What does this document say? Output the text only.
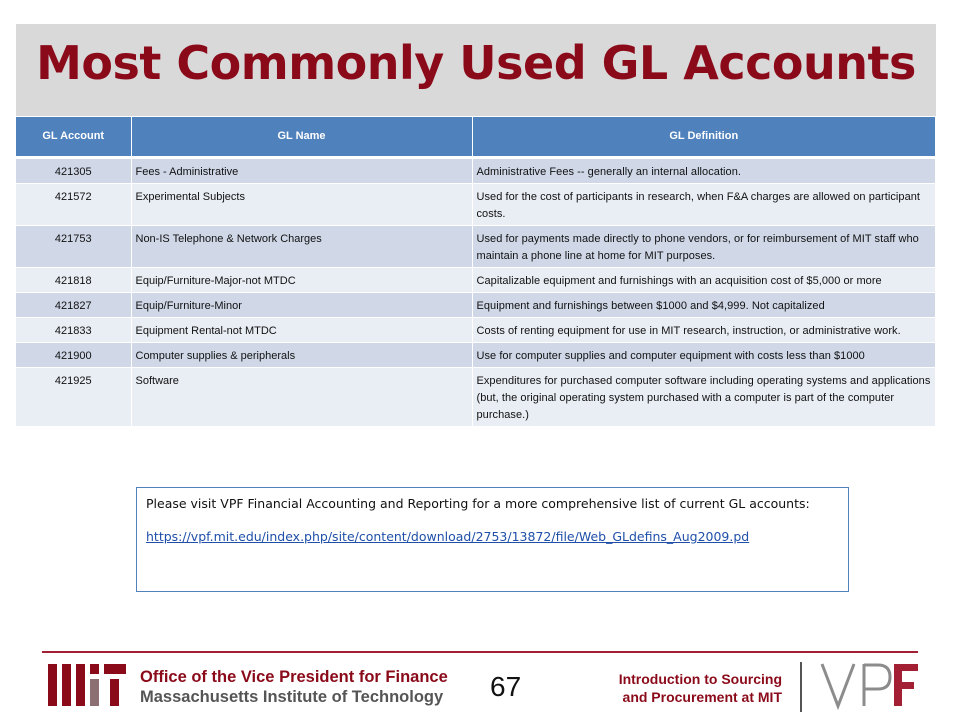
Most Commonly Used GL Accounts
GL Account	GL Name	GL Definition
421305	Fees - Administrative	Administrative Fees -- generally an internal allocation.
421572	Experimental Subjects	Used for the cost of participants in research, when F&A charges are allowed on participant costs.
421753	Non-IS Telephone & Network Charges	Used for payments made directly to phone vendors, or for reimbursement of MIT staff who maintain a phone line at home for MIT purposes.
421818	Equip/Furniture-Major-not MTDC	Capitalizable equipment and furnishings with an acquisition cost of $5,000 or more
421827	Equip/Furniture-Minor	Equipment and furnishings between $1000 and $4,999. Not capitalized
421833	Equipment Rental-not MTDC	Costs of renting equipment for use in MIT research, instruction, or administrative work.
421900	Computer supplies & peripherals	Use for computer supplies and computer equipment with costs less than $1000
421925	Software	Expenditures for purchased computer software including operating systems and applications (but, the original operating system purchased with a computer is part of the computer purchase.)
Please visit VPF Financial Accounting and Reporting for a more comprehensive list of current GL accounts:
https://vpf.mit.edu/index.php/site/content/download/2753/13872/file/Web_GLdefins_Aug2009.pd
Office of the Vice President for Finance
Massachusetts Institute of Technology 67	Introduction to Sourcing
and Procurement at MIT
